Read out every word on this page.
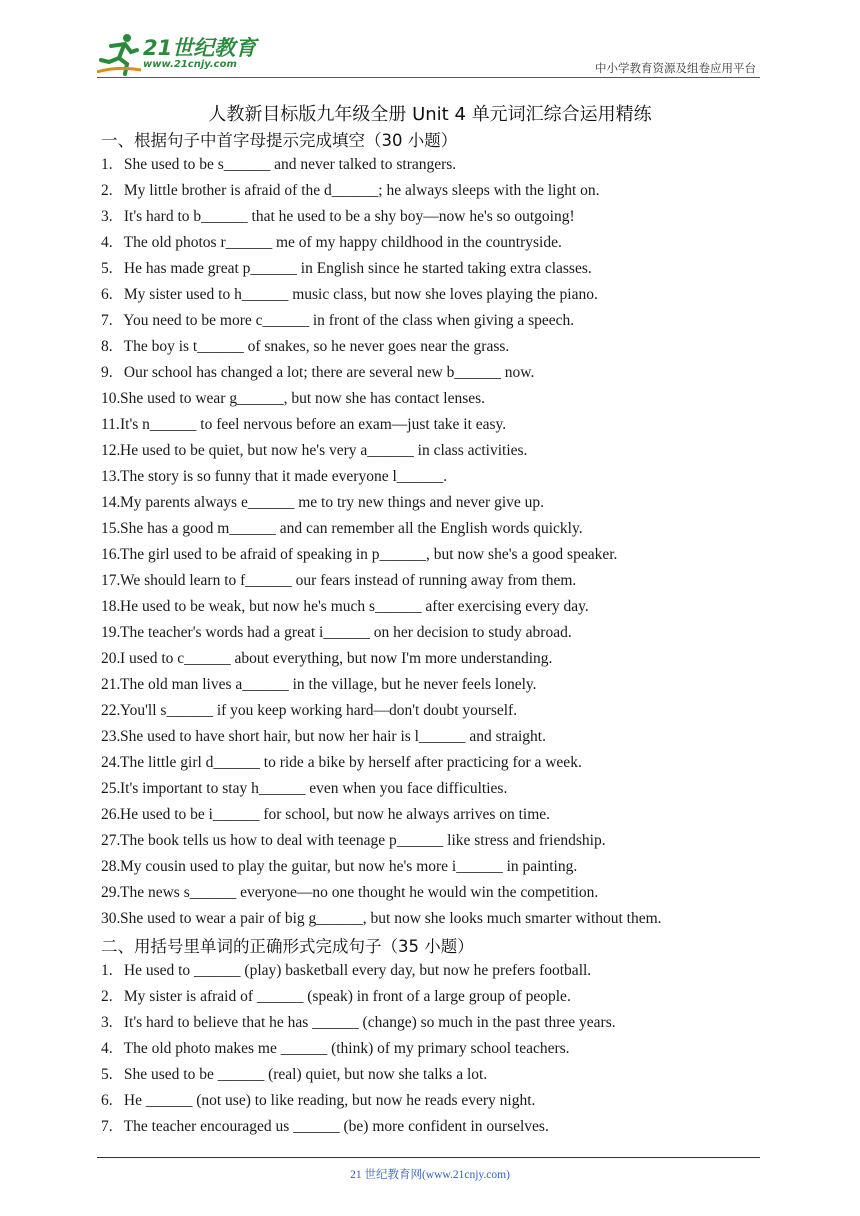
21世纪教育
www.21cnjy.com	中小学教育资源及组卷应用平台
人教新目标版九年级全册 Unit 4 单元词汇综合运用精练
一、根据句子中首字母提示完成填空（30 小题）
1. She used to be s______ and never talked to strangers.
2. My little brother is afraid of the d______; he always sleeps with the light on.
3. It's hard to b______ that he used to be a shy boy—now he's so outgoing!
4. The old photos r______ me of my happy childhood in the countryside.
5. He has made great p______ in English since he started taking extra classes.
6. My sister used to h______ music class, but now she loves playing the piano.
7. You need to be more c______ in front of the class when giving a speech.
8. The boy is t______ of snakes, so he never goes near the grass.
9. Our school has changed a lot; there are several new b______ now.
10.She used to wear g______, but now she has contact lenses.
11.It's n______ to feel nervous before an exam—just take it easy.
12.He used to be quiet, but now he's very a______ in class activities.
13.The story is so funny that it made everyone l______.
14.My parents always e______ me to try new things and never give up.
15.She has a good m______ and can remember all the English words quickly.
16.The girl used to be afraid of speaking in p______, but now she's a good speaker.
17.We should learn to f______ our fears instead of running away from them.
18.He used to be weak, but now he's much s______ after exercising every day.
19.The teacher's words had a great i______ on her decision to study abroad.
20.I used to c______ about everything, but now I'm more understanding.
21.The old man lives a______ in the village, but he never feels lonely.
22.You'll s______ if you keep working hard—don't doubt yourself.
23.She used to have short hair, but now her hair is l______ and straight.
24.The little girl d______ to ride a bike by herself after practicing for a week.
25.It's important to stay h______ even when you face difficulties.
26.He used to be i______ for school, but now he always arrives on time.
27.The book tells us how to deal with teenage p______ like stress and friendship.
28.My cousin used to play the guitar, but now he's more i______ in painting.
29.The news s______ everyone—no one thought he would win the competition.
30.She used to wear a pair of big g______, but now she looks much smarter without them.
二、用括号里单词的正确形式完成句子（35 小题）
1. He used to ______ (play) basketball every day, but now he prefers football.
2. My sister is afraid of ______ (speak) in front of a large group of people.
3. It's hard to believe that he has ______ (change) so much in the past three years.
4. The old photo makes me ______ (think) of my primary school teachers.
5. She used to be ______ (real) quiet, but now she talks a lot.
6. He ______ (not use) to like reading, but now he reads every night.
7. The teacher encouraged us ______ (be) more confident in ourselves.
21 世纪教育网(www.21cnjy.com)
